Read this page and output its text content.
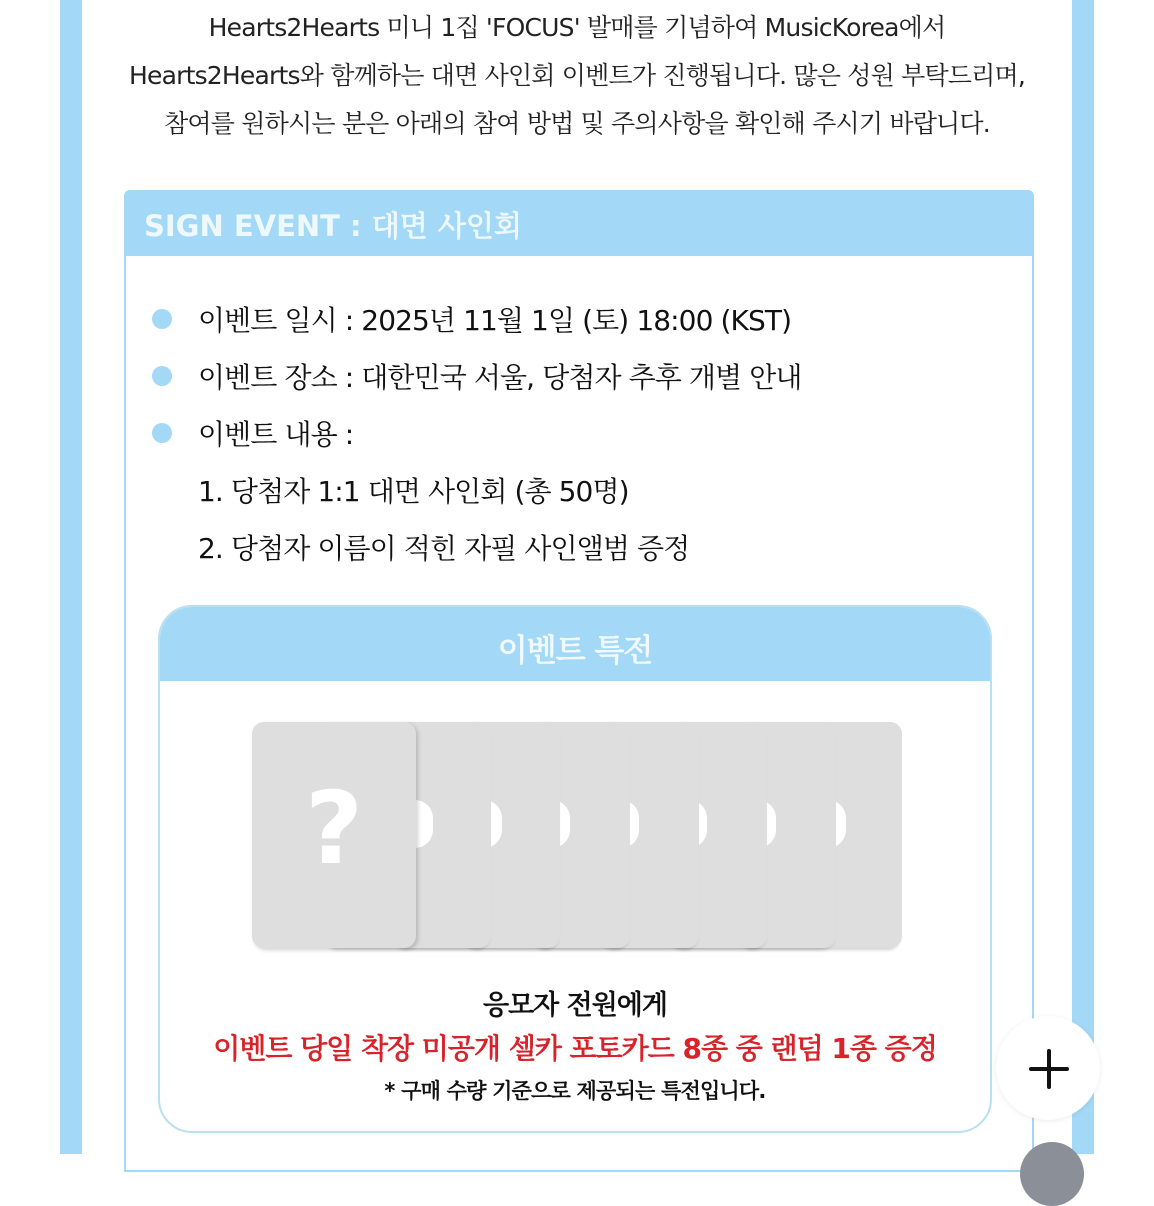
Hearts2Hearts 미니 1집 'FOCUS' 발매를 기념하여 MusicKorea에서
Hearts2Hearts와 함께하는 대면 사인회 이벤트가 진행됩니다. 많은 성원 부탁드리며,
참여를 원하시는 분은 아래의 참여 방법 및 주의사항을 확인해 주시기 바랍니다.
SIGN EVENT : 대면 사인회
이벤트 일시 : 2025년 11월 1일 (토) 18:00 (KST)
이벤트 장소 : 대한민국 서울, 당첨자 추후 개별 안내
이벤트 내용 :
1. 당첨자 1:1 대면 사인회 (총 50명)
2. 당첨자 이름이 적힌 자필 사인앨범 증정
이벤트 특전
?
응모자 전원에게
이벤트 당일 착장 미공개 셀카 포토카드 8종 중 랜덤 1종 증정
* 구매 수량 기준으로 제공되는 특전입니다.
